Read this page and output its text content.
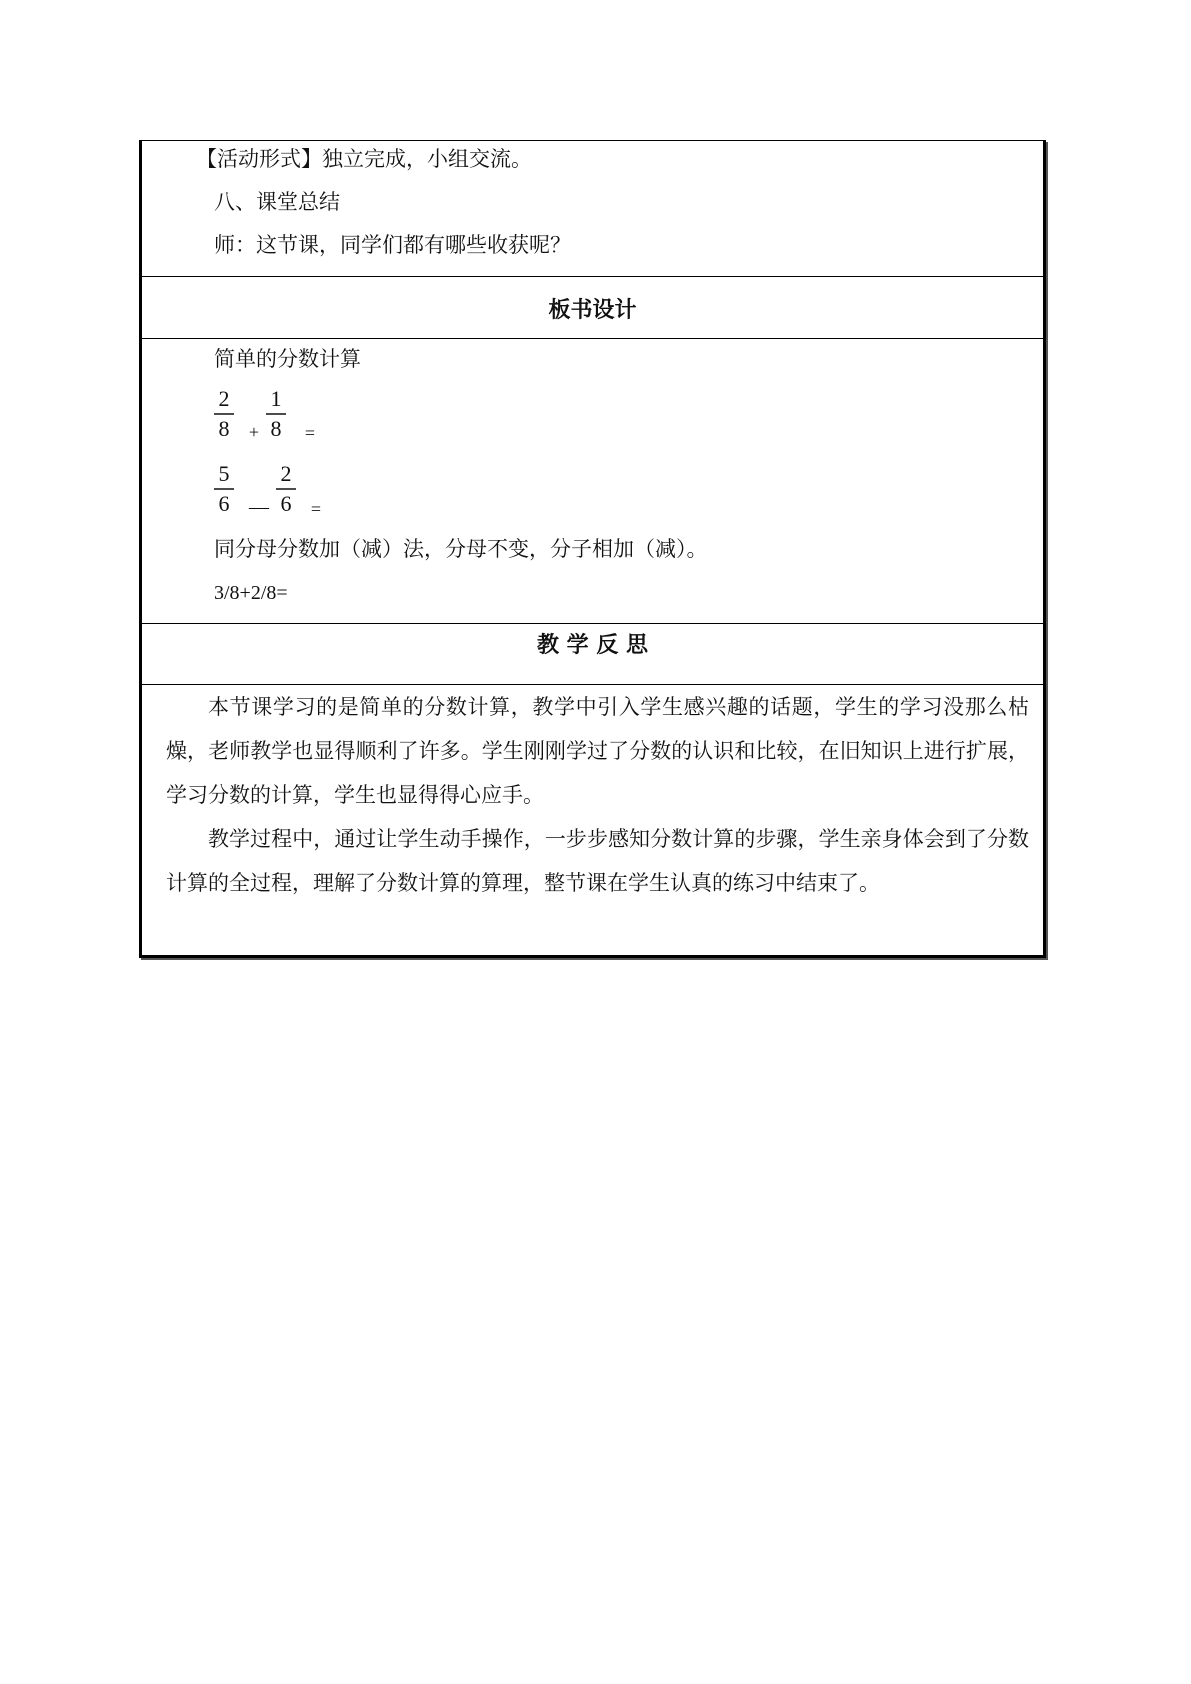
【活动形式】独立完成，小组交流。
八、课堂总结
师：这节课，同学们都有哪些收获呢？
板书设计
简单的分数计算
2
8 +
1
8 =
5
6 —
2
6 =
同分母分数加（减）法，分母不变，分子相加（减）。
3/8+2/8=
教 学 反 思
本节课学习的是简单的分数计算，教学中引入学生感兴趣的话题，学生的学习没那么枯燥，老师教学也显得顺利了许多。学生刚刚学过了分数的认识和比较，在旧知识上进行扩展，学习分数的计算，学生也显得得心应手。
教学过程中，通过让学生动手操作，一步步感知分数计算的步骤，学生亲身体会到了分数计算的全过程，理解了分数计算的算理，整节课在学生认真的练习中结束了。
